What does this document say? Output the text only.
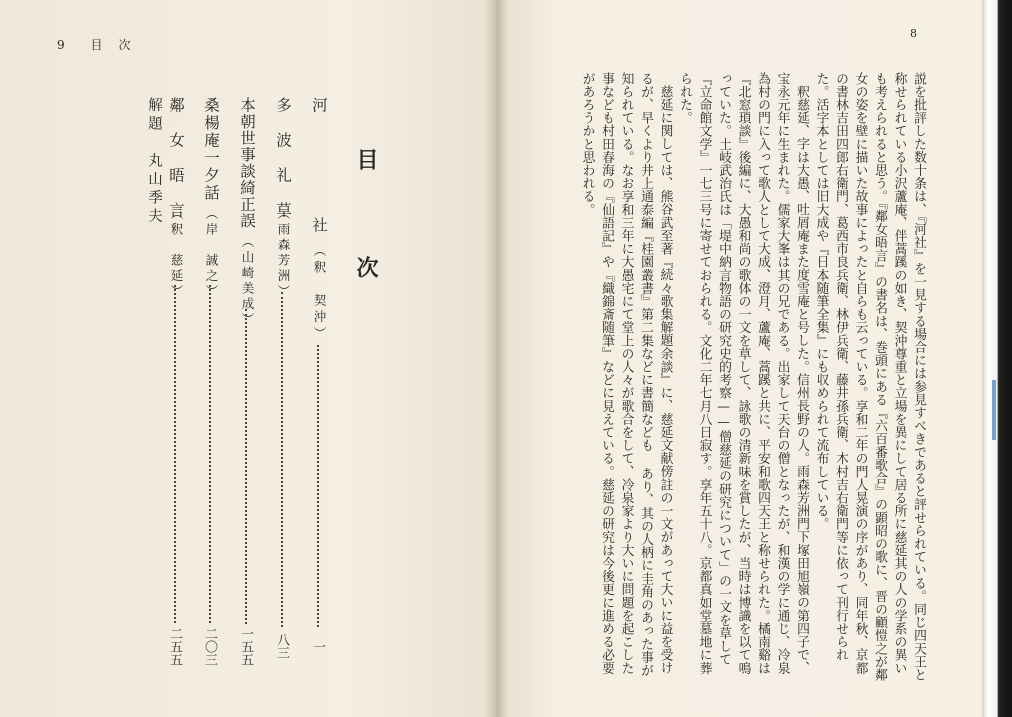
9 目　次
8
目　次
河
社
（釈　契沖）
一
多　波　礼　草
（雨森芳洲）
八三
本朝世事談綺正誤
（山崎美成）
一五五
桑楊庵一夕話
（岸　誠之）
二〇三
鄰　女　晤　言
（釈　慈延）
二五五
解題　丸山季夫	説を批評した数十条は、『河社』を一見する場合には参見すべきであると評せられている。同じ四天王と称せられている小沢蘆庵、伴蒿蹊の如き、契沖尊重と立場を異にして居る所に慈延其の人の学系の異いも考えられると思う。『鄰女晤言』の書名は、巻頭にある『六百番歌合』の顕昭の歌に、晋の顧愷之が鄰女の姿を壁に描いた故事によったと自らも云っている。享和二年の門人晃演の序があり、同年秋、京都の書林吉田四郎右衛門、葛西市良兵衛、林伊兵衛、藤井孫兵衛、木村吉右衛門等に依って刊行せられた。活字本としては旧大成や『日本随筆全集』にも収められて流布している。

釈慈延、字は大愚、吐屑庵また度雪庵と号した。信州長野の人。雨森芳洲門下塚田旭嶺の第四子で、宝永元年に生まれた。儒家大峯は其の兄である。出家して天台の僧となったが、和漢の学に通じ、冷泉為村の門に入って歌人として大成、澄月、蘆庵、蒿蹊と共に、平安和歌四天王と称せられた。橘南谿は『北窓瑣談』後編に、大愚和尚の歌体の一文を草して、詠歌の清新味を賞したが、当時は博識を以て鳴っていた。土岐武治氏は「堤中納言物語の研究史的考察——僧慈延の研究について」の一文を草して『立命館文学』一七三号に寄せておられる。文化二年七月八日寂す。享年五十八。京都真如堂墓地に葬られた。

慈延に関しては、熊谷武至著『続々歌集解題余談』に、慈延文献傍註の一文があって大いに益を受けるが、早くより井上通泰編『桂園叢書』第二集などに書簡なども あり、其の人柄に圭角のあった事が知られている。なお享和三年に大愚宅にて堂上の人々が歌合をして、冷泉家より大いに問題を起こした事なども村田春海の『仙語記』や『織錦斎随筆』などに見えている。慈延の研究は今後更に進める必要があろうかと思われる。
